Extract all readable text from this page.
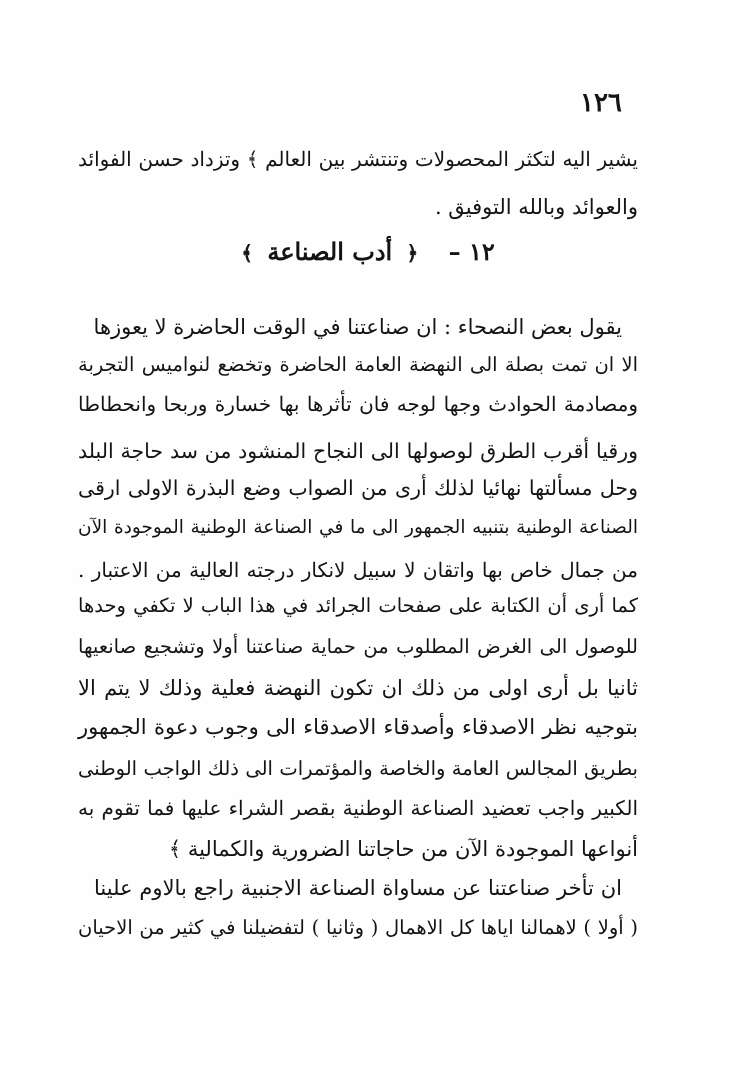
١٢٦
يشير اليه لتكثر المحصولات وتنتشر بين العالم ﴾ وتزداد حسن الفوائد
والعوائد وبالله التوفيق .
١٢ – ﴿ أدب الصناعة ﴾
يقول بعض النصحاء : ان صناعتنا في الوقت الحاضرة لا يعوزها
الا ان تمت بصلة الى النهضة العامة الحاضرة وتخضع لنواميس التجربة
ومصادمة الحوادث وجها لوجه فان تأثرها بها خسارة وربحا وانحطاطا
ورقيا أقرب الطرق لوصولها الى النجاح المنشود من سد حاجة البلد
وحل مسألتها نهائيا لذلك أرى من الصواب وضع البذرة الاولى ارقى
الصناعة الوطنية بتنبيه الجمهور الى ما في الصناعة الوطنية الموجودة الآن
من جمال خاص بها واتقان لا سبيل لانكار درجته العالية من الاعتبار .
كما أرى أن الكتابة على صفحات الجرائد في هذا الباب لا تكفي وحدها
للوصول الى الغرض المطلوب من حماية صناعتنا أولا وتشجيع صانعيها
ثانيا بل أرى اولى من ذلك ان تكون النهضة فعلية وذلك لا يتم الا
بتوجيه نظر الاصدقاء وأصدقاء الاصدقاء الى وجوب دعوة الجمهور
بطريق المجالس العامة والخاصة والمؤتمرات الى ذلك الواجب الوطنى
الكبير واجب تعضيد الصناعة الوطنية بقصر الشراء عليها فما تقوم به
أنواعها الموجودة الآن من حاجاتنا الضرورية والكمالية ﴾
ان تأخر صناعتنا عن مساواة الصناعة الاجنبية راجع بالاوم علينا
( أولا ) لاهمالنا اياها كل الاهمال ( وثانيا ) لتفضيلنا في كثير من الاحيان
